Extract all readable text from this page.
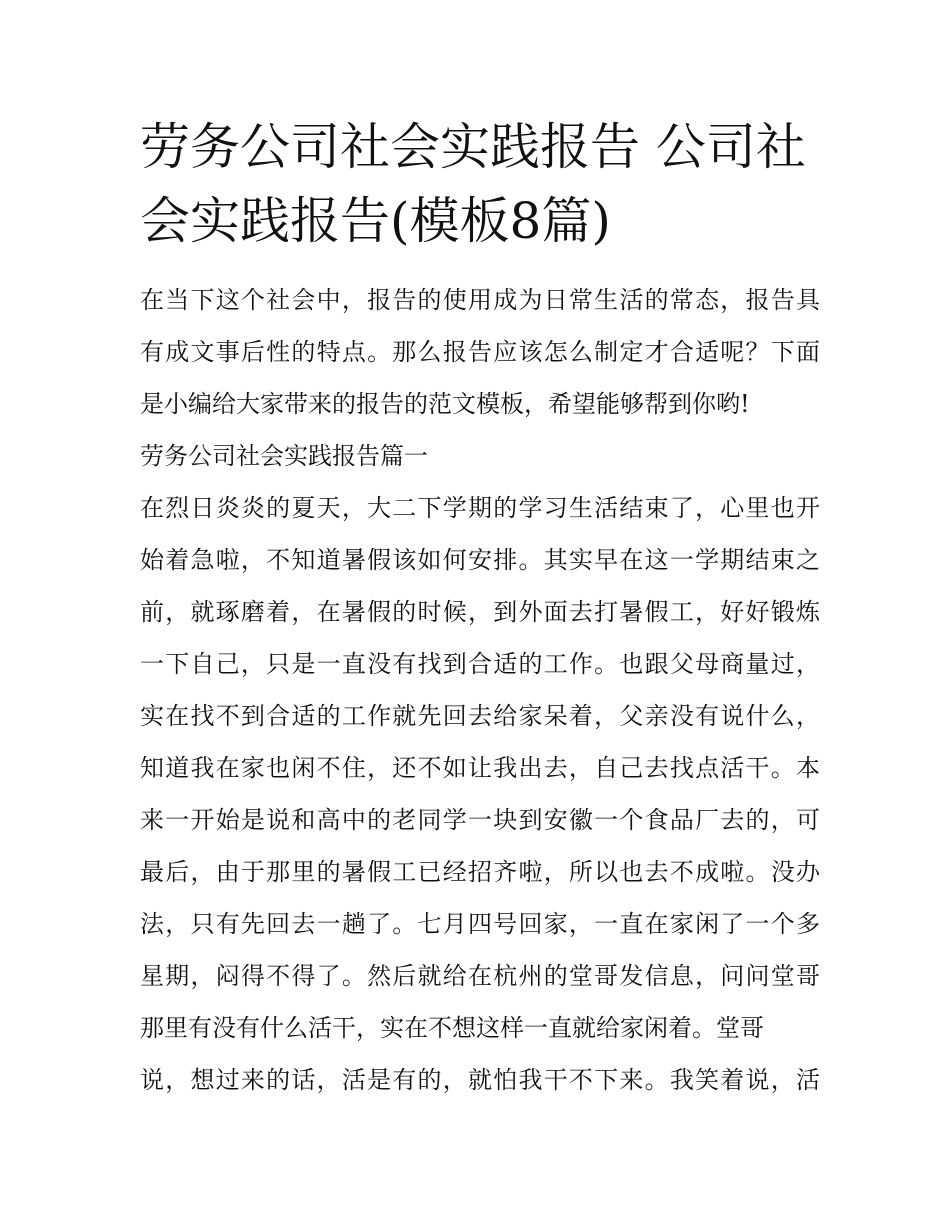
劳务公司社会实践报告 公司社
会实践报告(模板8篇)
在当下这个社会中，报告的使用成为日常生活的常态，报告具
有成文事后性的特点。那么报告应该怎么制定才合适呢？下面
是小编给大家带来的报告的范文模板，希望能够帮到你哟!
劳务公司社会实践报告篇一
在烈日炎炎的夏天，大二下学期的学习生活结束了，心里也开
始着急啦，不知道暑假该如何安排。其实早在这一学期结束之
前，就琢磨着，在暑假的时候，到外面去打暑假工，好好锻炼
一下自己，只是一直没有找到合适的工作。也跟父母商量过，
实在找不到合适的工作就先回去给家呆着，父亲没有说什么，
知道我在家也闲不住，还不如让我出去，自己去找点活干。本
来一开始是说和高中的老同学一块到安徽一个食品厂去的，可
最后，由于那里的暑假工已经招齐啦，所以也去不成啦。没办
法，只有先回去一趟了。七月四号回家，一直在家闲了一个多
星期，闷得不得了。然后就给在杭州的堂哥发信息，问问堂哥
那里有没有什么活干，实在不想这样一直就给家闲着。堂哥
说，想过来的话，活是有的，就怕我干不下来。我笑着说，活
